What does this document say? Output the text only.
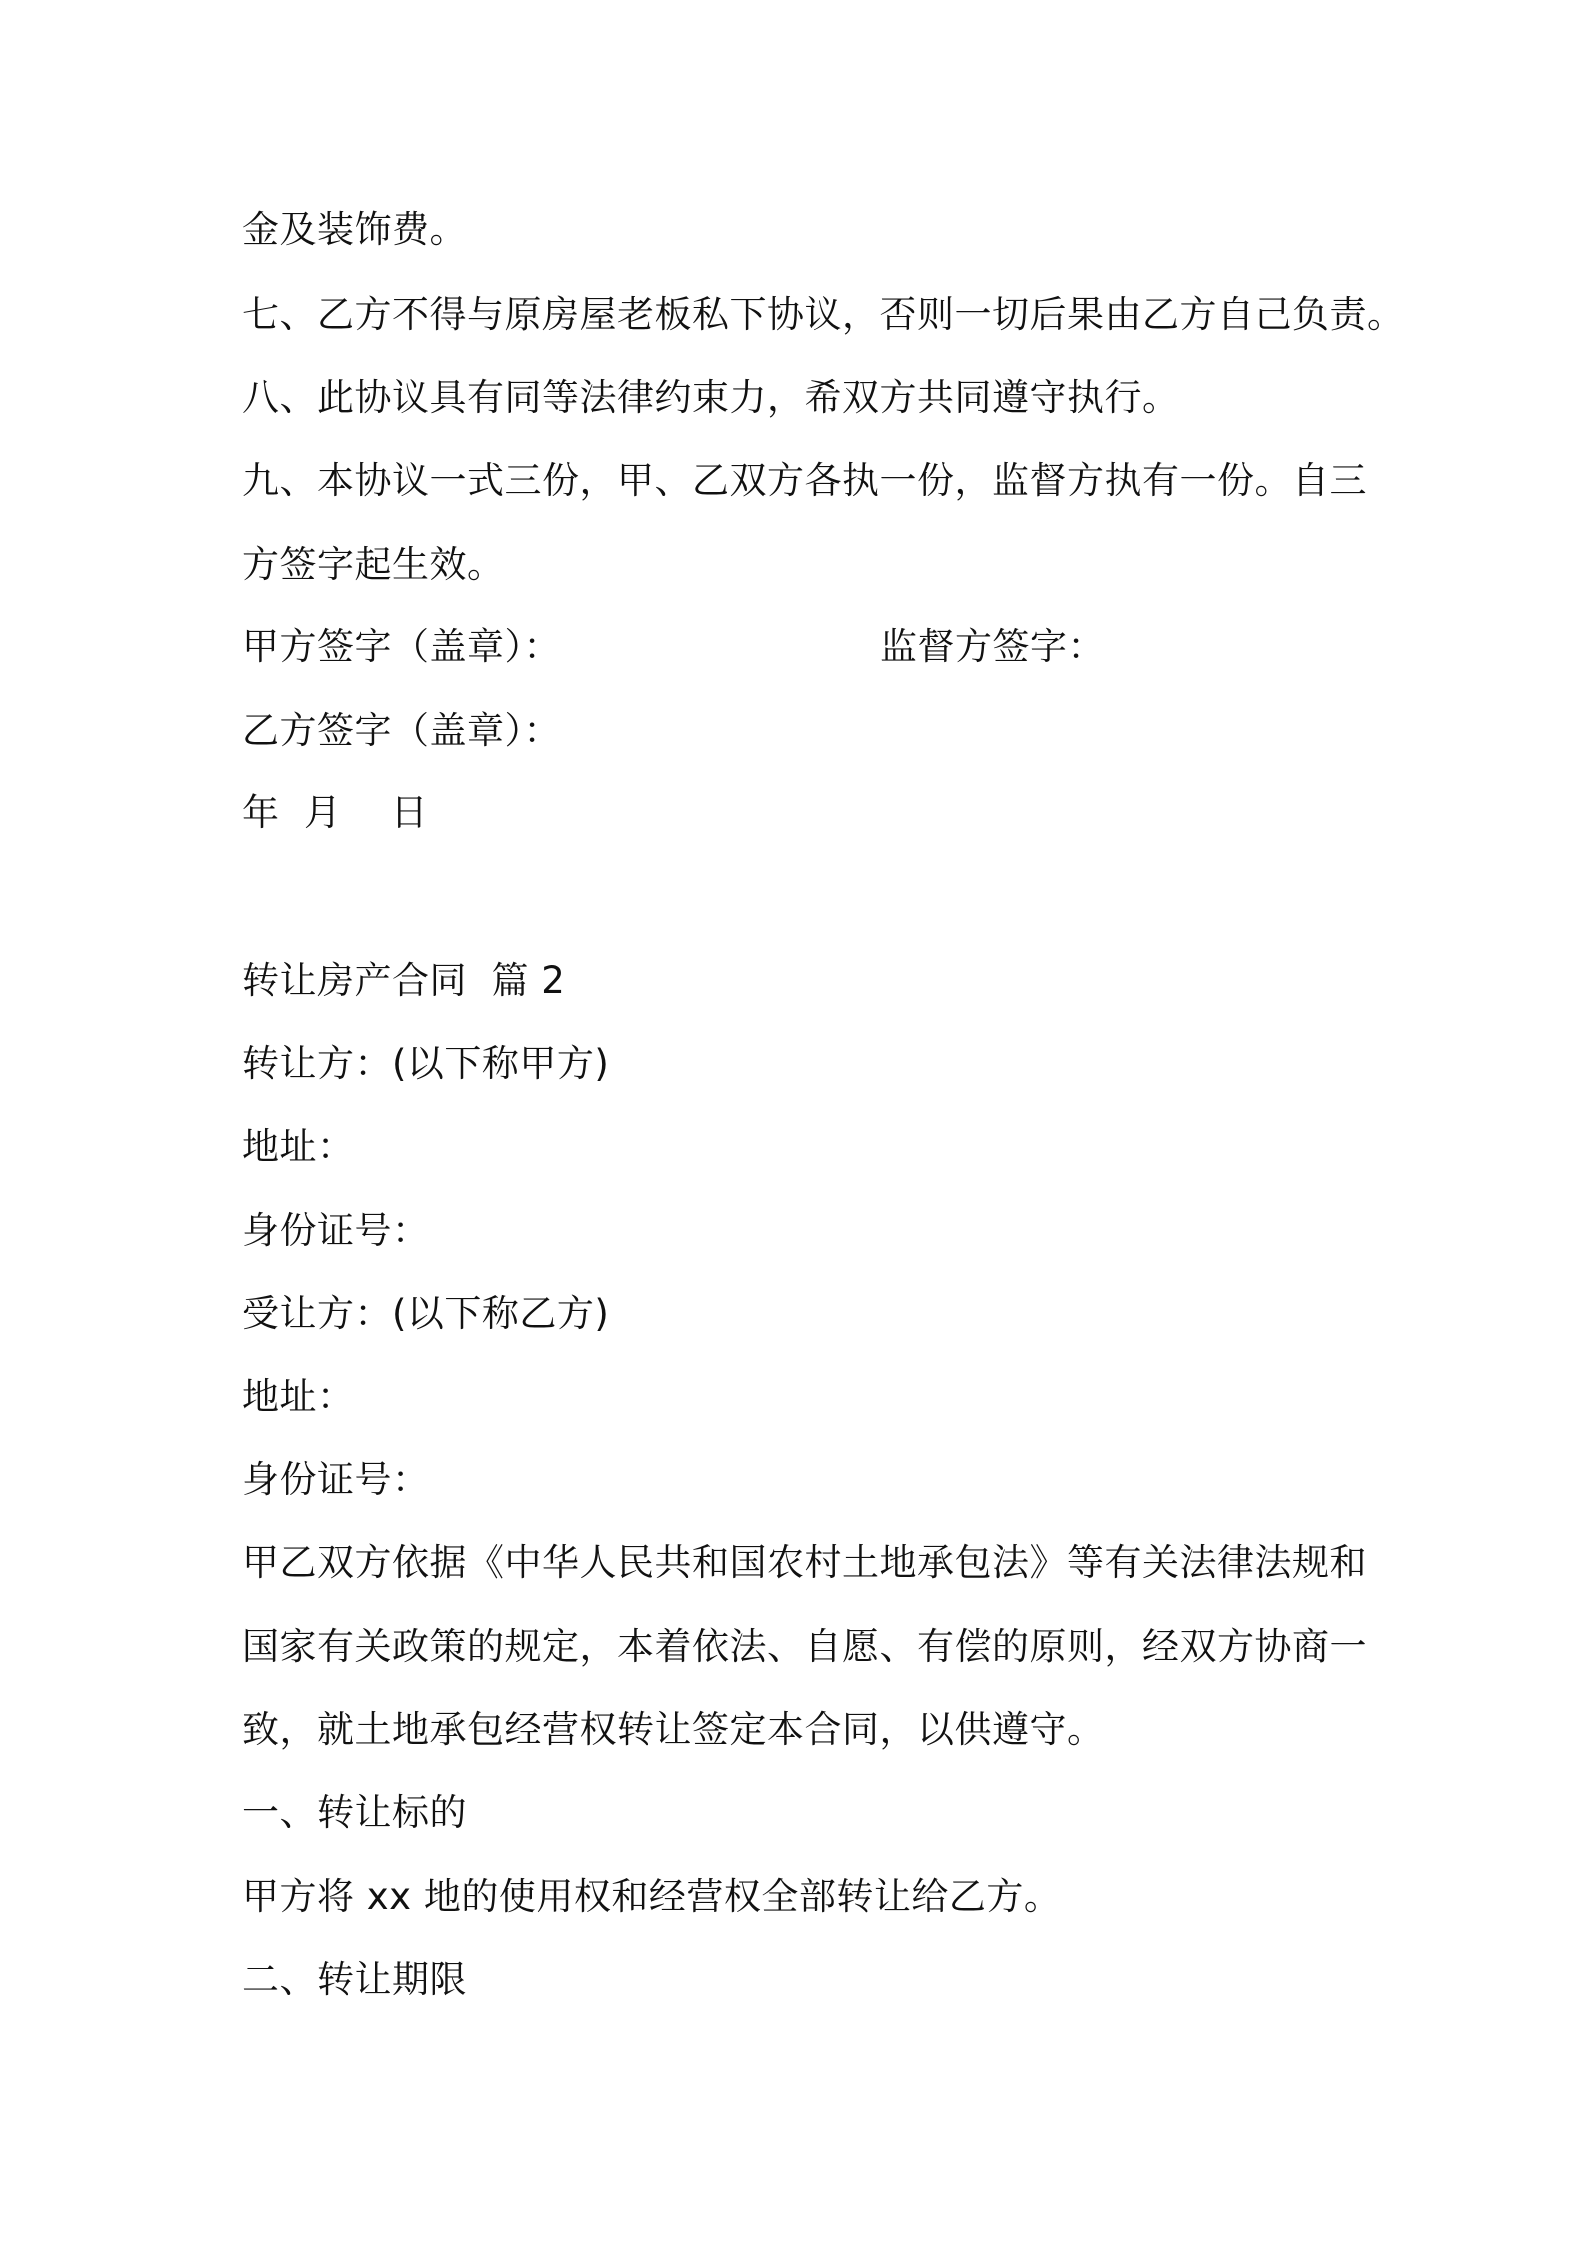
金及装饰费。
七、乙方不得与原房屋老板私下协议，否则一切后果由乙方自己负责。
八、此协议具有同等法律约束力，希双方共同遵守执行。
九、本协议一式三份，甲、乙双方各执一份，监督方执有一份。自三
方签字起生效。
甲方签字（盖章）：	监督方签字：
乙方签字（盖章）：
年  月    日
转让房产合同  篇 2
转让方：(以下称甲方)
地址：
身份证号：
受让方：(以下称乙方)
地址：
身份证号：
甲乙双方依据《中华人民共和国农村土地承包法》等有关法律法规和
国家有关政策的规定，本着依法、自愿、有偿的原则，经双方协商一
致，就土地承包经营权转让签定本合同，以供遵守。
一、转让标的
甲方将 xx 地的使用权和经营权全部转让给乙方。
二、转让期限
